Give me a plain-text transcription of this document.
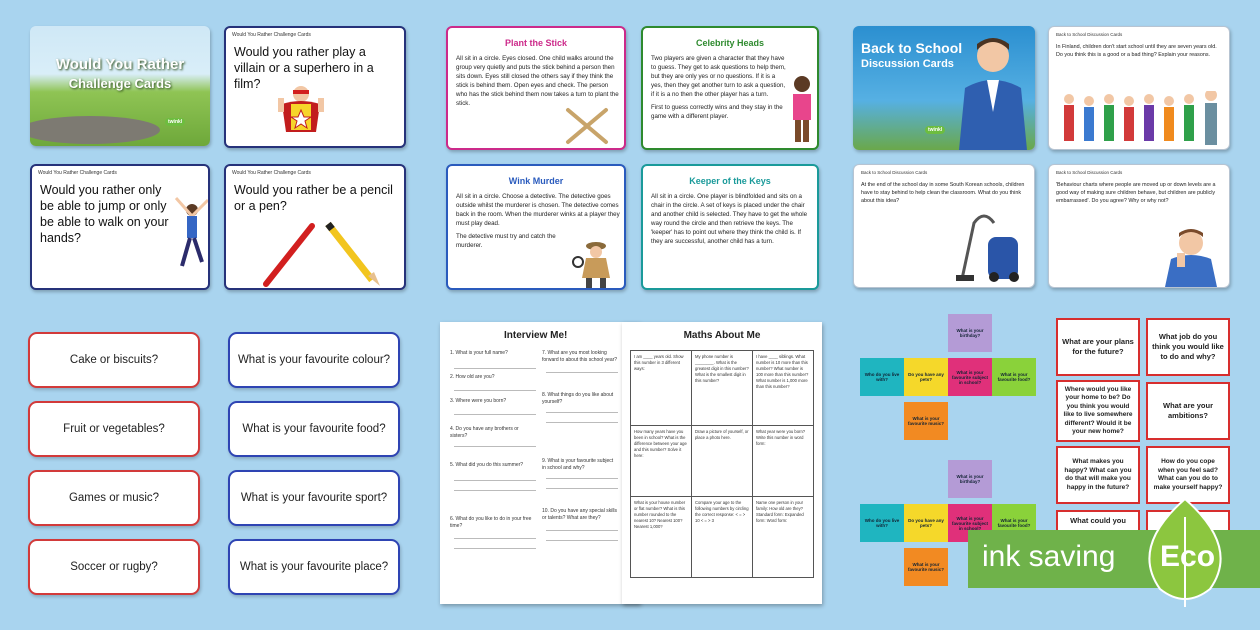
Would You Rather
Challenge Cards
twinkl
Would You Rather Challenge Cards
Would you rather play a villain or a superhero in a film?
Would You Rather Challenge Cards
Would you rather only be able to jump or only be able to walk on your hands?
Would You Rather Challenge Cards
Would you rather be a pencil or a pen?
Plant the Stick

All sit in a circle. Eyes closed. One child walks around the group very quietly and puts the stick behind a person then sits down. Eyes still closed the others say if they think the stick is behind them. Open eyes and check. The person who has the stick behind them now takes a turn to plant the stick.

Celebrity Heads

Two players are given a character that they have to guess. They get to ask questions to help them, but they are only yes or no questions. If it is a yes, then they get another turn to ask a question, if it is a no then the other player has a turn.

First to guess correctly wins and they stay in the game with a different player.

Wink Murder

All sit in a circle. Choose a detective. The detective goes outside whilst the murderer is chosen. The detective comes back in the room. When the murderer winks at a player they must play dead.

The detective must try and catch the murderer.

Keeper of the Keys

All sit in a circle. One player is blindfolded and sits on a chair in the circle. A set of keys is placed under the chair and another child is selected. They have to get the whole way round the circle and then retrieve the keys. The 'keeper' has to point out where they think the child is. If they are successful, another child has a turn.

Back to School
Discussion Cards
twinkl
Back to School Discussion Cards
In Finland, children don't start school until they are seven years old. Do you think this is a good or a bad thing? Explain your reasons.
Back to School Discussion Cards
At the end of the school day in some South Korean schools, children have to stay behind to help clean the classroom. What do you think about this idea?
Back to School Discussion Cards
'Behaviour charts where people are moved up or down levels are a good way of making sure children behave, but children are publicly embarrassed'. Do you agree? Why or why not?
Cake or biscuits?
Fruit or vegetables?
Games or music?
Soccer or rugby?
What is your favourite colour?
What is your favourite food?
What is your favourite sport?
What is your favourite place?
Interview Me!
1. What is your full name?
2. How old are you?
3. Where were you born?
4. Do you have any brothers or sisters?
5. What did you do this summer?
6. What do you like to do in your free time?
7. What are you most looking forward to about this school year?
8. What things do you like about yourself?
9. What is your favourite subject in school and why?
10. Do you have any special skills or talents? What are they?
Maths About Me
I am ____ years old. Show this number in 3 different ways:
My phone number is ________. What is the greatest digit in this number? What is the smallest digit in this number?
I have ____ siblings. What number is 10 more than this number? What number is 100 more than this number? What number is 1,000 more than this number?
How many years have you been in school? What is the difference between your age and this number? Solve it here:
Draw a picture of yourself, or place a photo here.
What year were you born? Write this number in word form:
What is your house number or flat number? What is this number rounded to the nearest 10? Nearest 100? Nearest 1,000?
Compare your age to the following numbers by circling the correct response: < = > 10 < = > 3
Name one person in your family: How old are they? Standard form: Expanded form: Word form:
What is your birthday?
Who do you live with?
Do you have any pets?
What is your favourite subject in school?
What is your favourite food?
What is your favourite music?
What is your birthday?
Who do you live with?
Do you have any pets?
What is your favourite subject in school?
What is your favourite food?
What is your favourite music?
What are your plans for the future?
What job do you think you would like to do and why?
Where would you like your home to be? Do you think you would like to live somewhere different? Would it be your new home?
What are your ambitions?
What makes you happy? What can you do that will make you happy in the future?
How do you cope when you feel sad? What can you do to make yourself happy?
What could you
ink saving Eco
